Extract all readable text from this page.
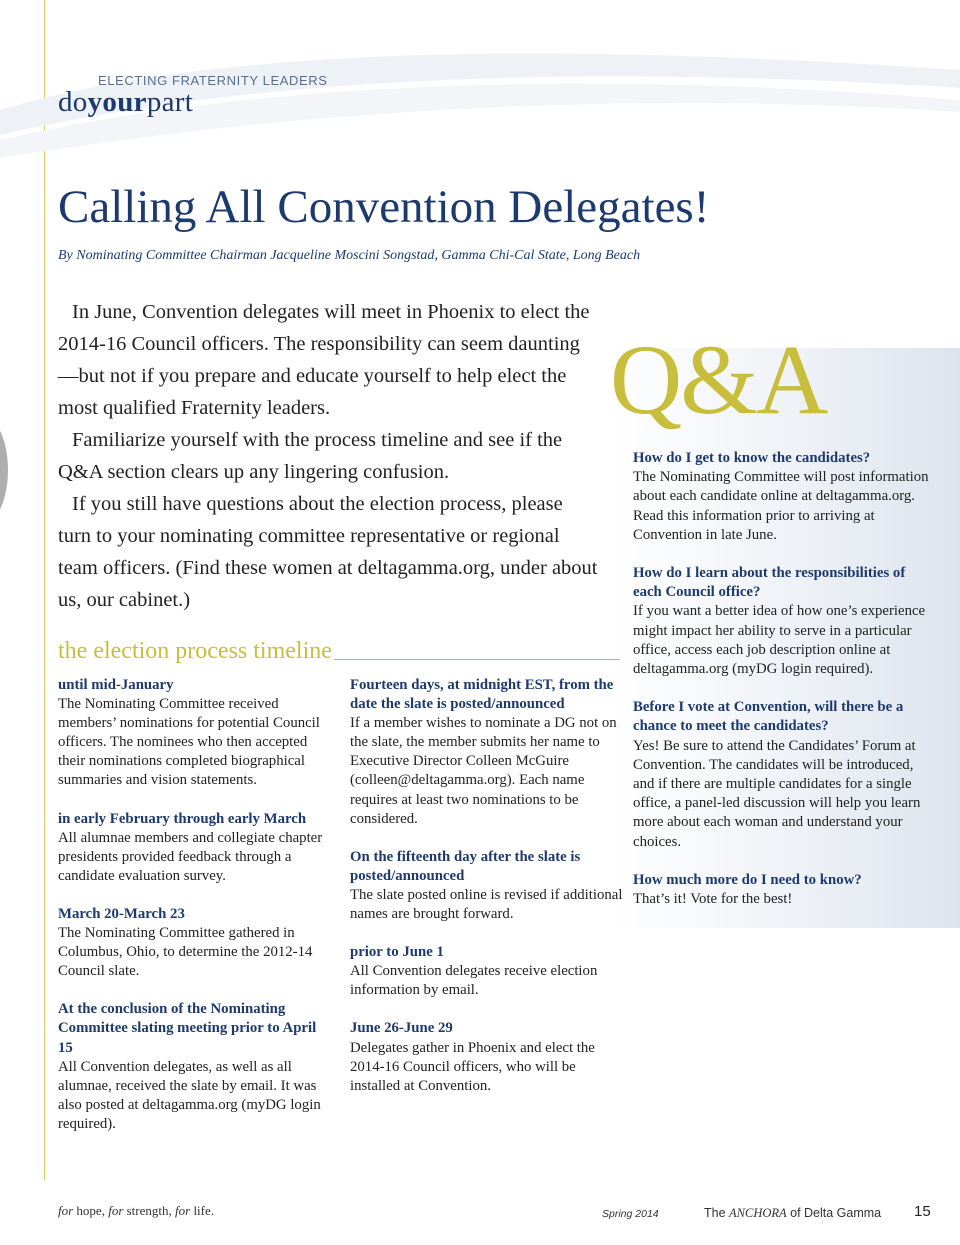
ELECTING FRATERNITY LEADERS
doyourpart
Calling All Convention Delegates!
By Nominating Committee Chairman Jacqueline Moscini Songstad, Gamma Chi-Cal State, Long Beach

In June, Convention delegates will meet in Phoenix to elect the 2014-16 Council officers. The responsibility can seem daunting—but not if you prepare and educate yourself to help elect the most qualified Fraternity leaders.

Familiarize yourself with the process timeline and see if the Q&A section clears up any lingering confusion.

If you still have questions about the election process, please turn to your nominating committee representative or regional team officers. (Find these women at deltagamma.org, under about us, our cabinet.)

Q&A
How do I get to know the candidates?
The Nominating Committee will post information about each candidate online at deltagamma.org. Read this information prior to arriving at Convention in late June.
How do I learn about the responsibilities of each Council office?
If you want a better idea of how one’s experience might impact her ability to serve in a particular office, access each job description online at deltagamma.org (myDG login required).
Before I vote at Convention, will there be a chance to meet the candidates?
Yes! Be sure to attend the Candidates’ Forum at Convention. The candidates will be introduced, and if there are multiple candidates for a single office, a panel-led discussion will help you learn more about each woman and understand your choices.
How much more do I need to know?
That’s it! Vote for the best!
the election process timeline
until mid-January
The Nominating Committee received members’ nominations for potential Council officers. The nominees who then accepted their nominations completed biographical summaries and vision statements.
in early February through early March
All alumnae members and collegiate chapter presidents provided feedback through a candidate evaluation survey.
March 20-March 23
The Nominating Committee gathered in Columbus, Ohio, to determine the 2012-14 Council slate.
At the conclusion of the Nominating Committee slating meeting prior to April 15
All Convention delegates, as well as all alumnae, received the slate by email. It was also posted at deltagamma.org (myDG login required).
Fourteen days, at midnight EST, from the date the slate is posted/announced
If a member wishes to nominate a DG not on the slate, the member submits her name to Executive Director Colleen McGuire (colleen@deltagamma.org). Each name requires at least two nominations to be considered.
On the fifteenth day after the slate is posted/announced
The slate posted online is revised if additional names are brought forward.
prior to June 1
All Convention delegates receive election information by email.
June 26-June 29
Delegates gather in Phoenix and elect the 2014-16 Council officers, who will be installed at Convention.
for hope, for strength, for life.	Spring 2014	The ANCHORA of Delta Gamma 15
